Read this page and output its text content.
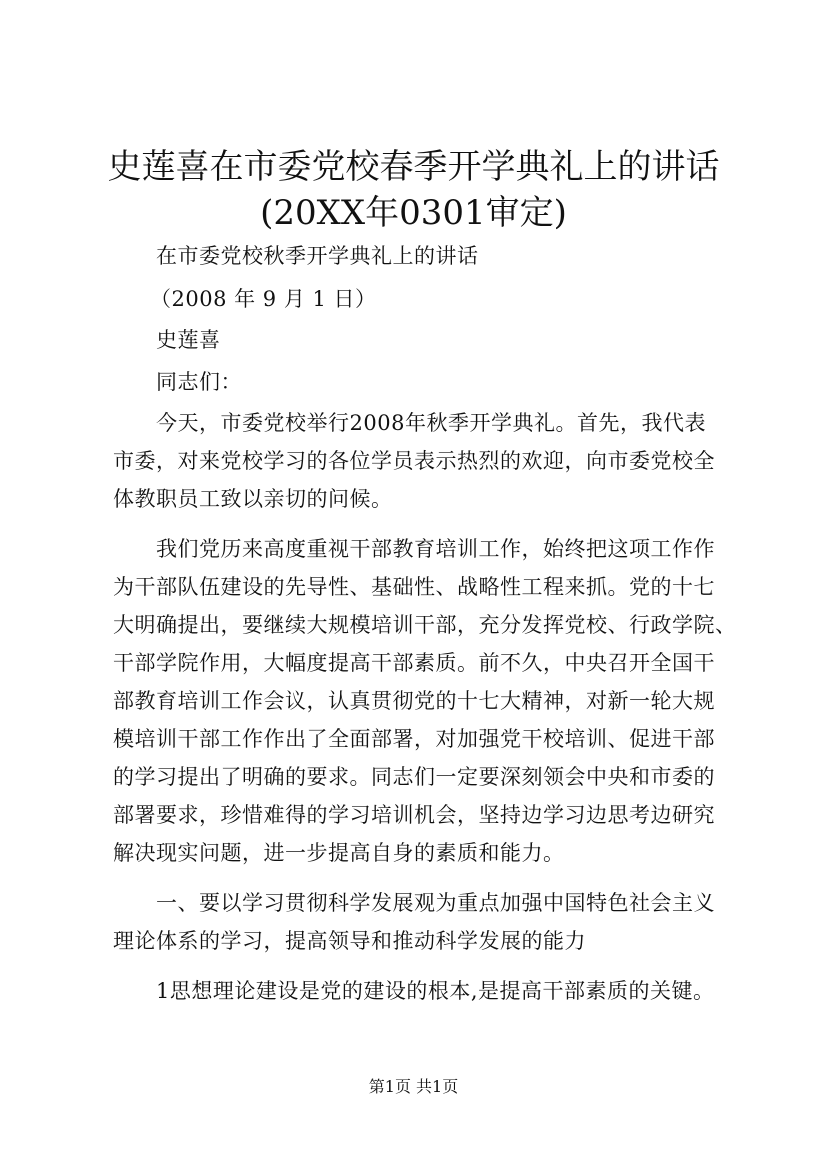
史莲喜在市委党校春季开学典礼上的讲话
(20XX年0301审定)
在市委党校秋季开学典礼上的讲话
（2008 年 9 月 1 日）
史莲喜
同志们：
今天，市委党校举行2008年秋季开学典礼。首先，我代表
市委，对来党校学习的各位学员表示热烈的欢迎，向市委党校全
体教职员工致以亲切的问候。
我们党历来高度重视干部教育培训工作，始终把这项工作作
为干部队伍建设的先导性、基础性、战略性工程来抓。党的十七
大明确提出，要继续大规模培训干部，充分发挥党校、行政学院、
干部学院作用，大幅度提高干部素质。前不久，中央召开全国干
部教育培训工作会议，认真贯彻党的十七大精神，对新一轮大规
模培训干部工作作出了全面部署，对加强党干校培训、促进干部
的学习提出了明确的要求。同志们一定要深刻领会中央和市委的
部署要求，珍惜难得的学习培训机会，坚持边学习边思考边研究
解决现实问题，进一步提高自身的素质和能力。
一、要以学习贯彻科学发展观为重点加强中国特色社会主义
理论体系的学习，提高领导和推动科学发展的能力
1思想理论建设是党的建设的根本,是提高干部素质的关键。
第1页 共1页
